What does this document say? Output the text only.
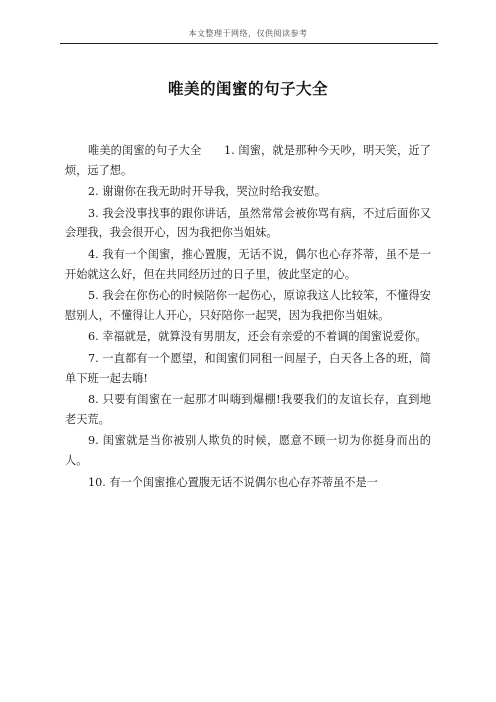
本文整理于网络，仅供阅读参考
唯美的闺蜜的句子大全

唯美的闺蜜的句子大全　　1. 闺蜜，就是那种今天吵，明天笑，近了烦，远了想。

2. 谢谢你在我无助时开导我，哭泣时给我安慰。

3. 我会没事找事的跟你讲话，虽然常常会被你骂有病，不过后面你又会理我，我会很开心，因为我把你当姐妹。

4. 我有一个闺蜜，推心置腹，无话不说，偶尔也心存芥蒂，虽不是一开始就这么好，但在共同经历过的日子里，彼此坚定的心。

5. 我会在你伤心的时候陪你一起伤心，原谅我这人比较笨，不懂得安慰别人，不懂得让人开心，只好陪你一起哭，因为我把你当姐妹。

6. 幸福就是，就算没有男朋友，还会有亲爱的不着调的闺蜜说爱你。

7. 一直都有一个愿望，和闺蜜们同租一间屋子，白天各上各的班，简单下班一起去嗨!

8. 只要有闺蜜在一起那才叫嗨到爆棚!我要我们的友谊长存，直到地老天荒。

9. 闺蜜就是当你被别人欺负的时候，愿意不顾一切为你挺身而出的人。

10. 有一个闺蜜推心置腹无话不说偶尔也心存芥蒂虽不是一
